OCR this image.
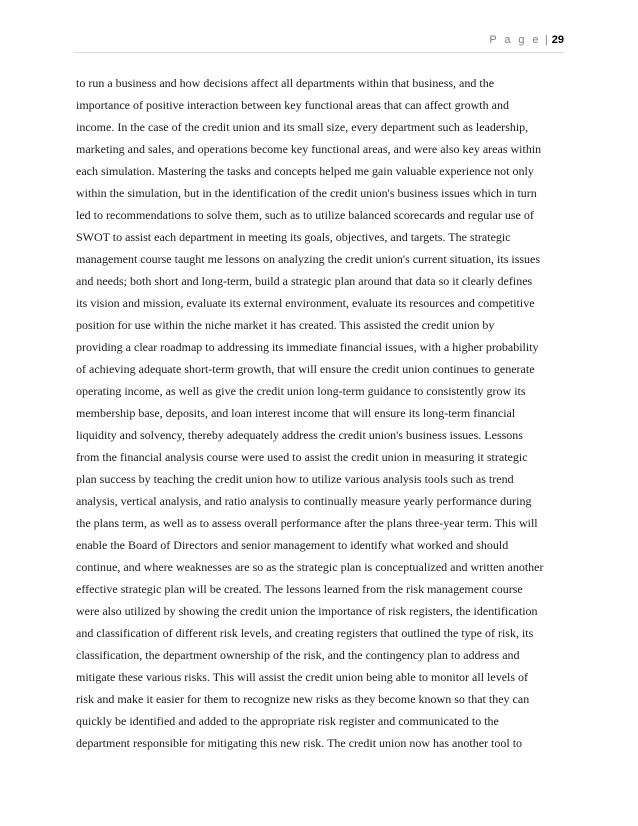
P a g e | 29
to run a business and how decisions affect all departments within that business, and the
importance of positive interaction between key functional areas that can affect growth and
income. In the case of the credit union and its small size, every department such as leadership,
marketing and sales, and operations become key functional areas, and were also key areas within
each simulation. Mastering the tasks and concepts helped me gain valuable experience not only
within the simulation, but in the identification of the credit union's business issues which in turn
led to recommendations to solve them, such as to utilize balanced scorecards and regular use of
SWOT to assist each department in meeting its goals, objectives, and targets. The strategic
management course taught me lessons on analyzing the credit union's current situation, its issues
and needs; both short and long-term, build a strategic plan around that data so it clearly defines
its vision and mission, evaluate its external environment, evaluate its resources and competitive
position for use within the niche market it has created. This assisted the credit union by
providing a clear roadmap to addressing its immediate financial issues, with a higher probability
of achieving adequate short-term growth, that will ensure the credit union continues to generate
operating income, as well as give the credit union long-term guidance to consistently grow its
membership base, deposits, and loan interest income that will ensure its long-term financial
liquidity and solvency, thereby adequately address the credit union's business issues. Lessons
from the financial analysis course were used to assist the credit union in measuring it strategic
plan success by teaching the credit union how to utilize various analysis tools such as trend
analysis, vertical analysis, and ratio analysis to continually measure yearly performance during
the plans term, as well as to assess overall performance after the plans three-year term. This will
enable the Board of Directors and senior management to identify what worked and should
continue, and where weaknesses are so as the strategic plan is conceptualized and written another
effective strategic plan will be created. The lessons learned from the risk management course
were also utilized by showing the credit union the importance of risk registers, the identification
and classification of different risk levels, and creating registers that outlined the type of risk, its
classification, the department ownership of the risk, and the contingency plan to address and
mitigate these various risks. This will assist the credit union being able to monitor all levels of
risk and make it easier for them to recognize new risks as they become known so that they can
quickly be identified and added to the appropriate risk register and communicated to the
department responsible for mitigating this new risk. The credit union now has another tool to
